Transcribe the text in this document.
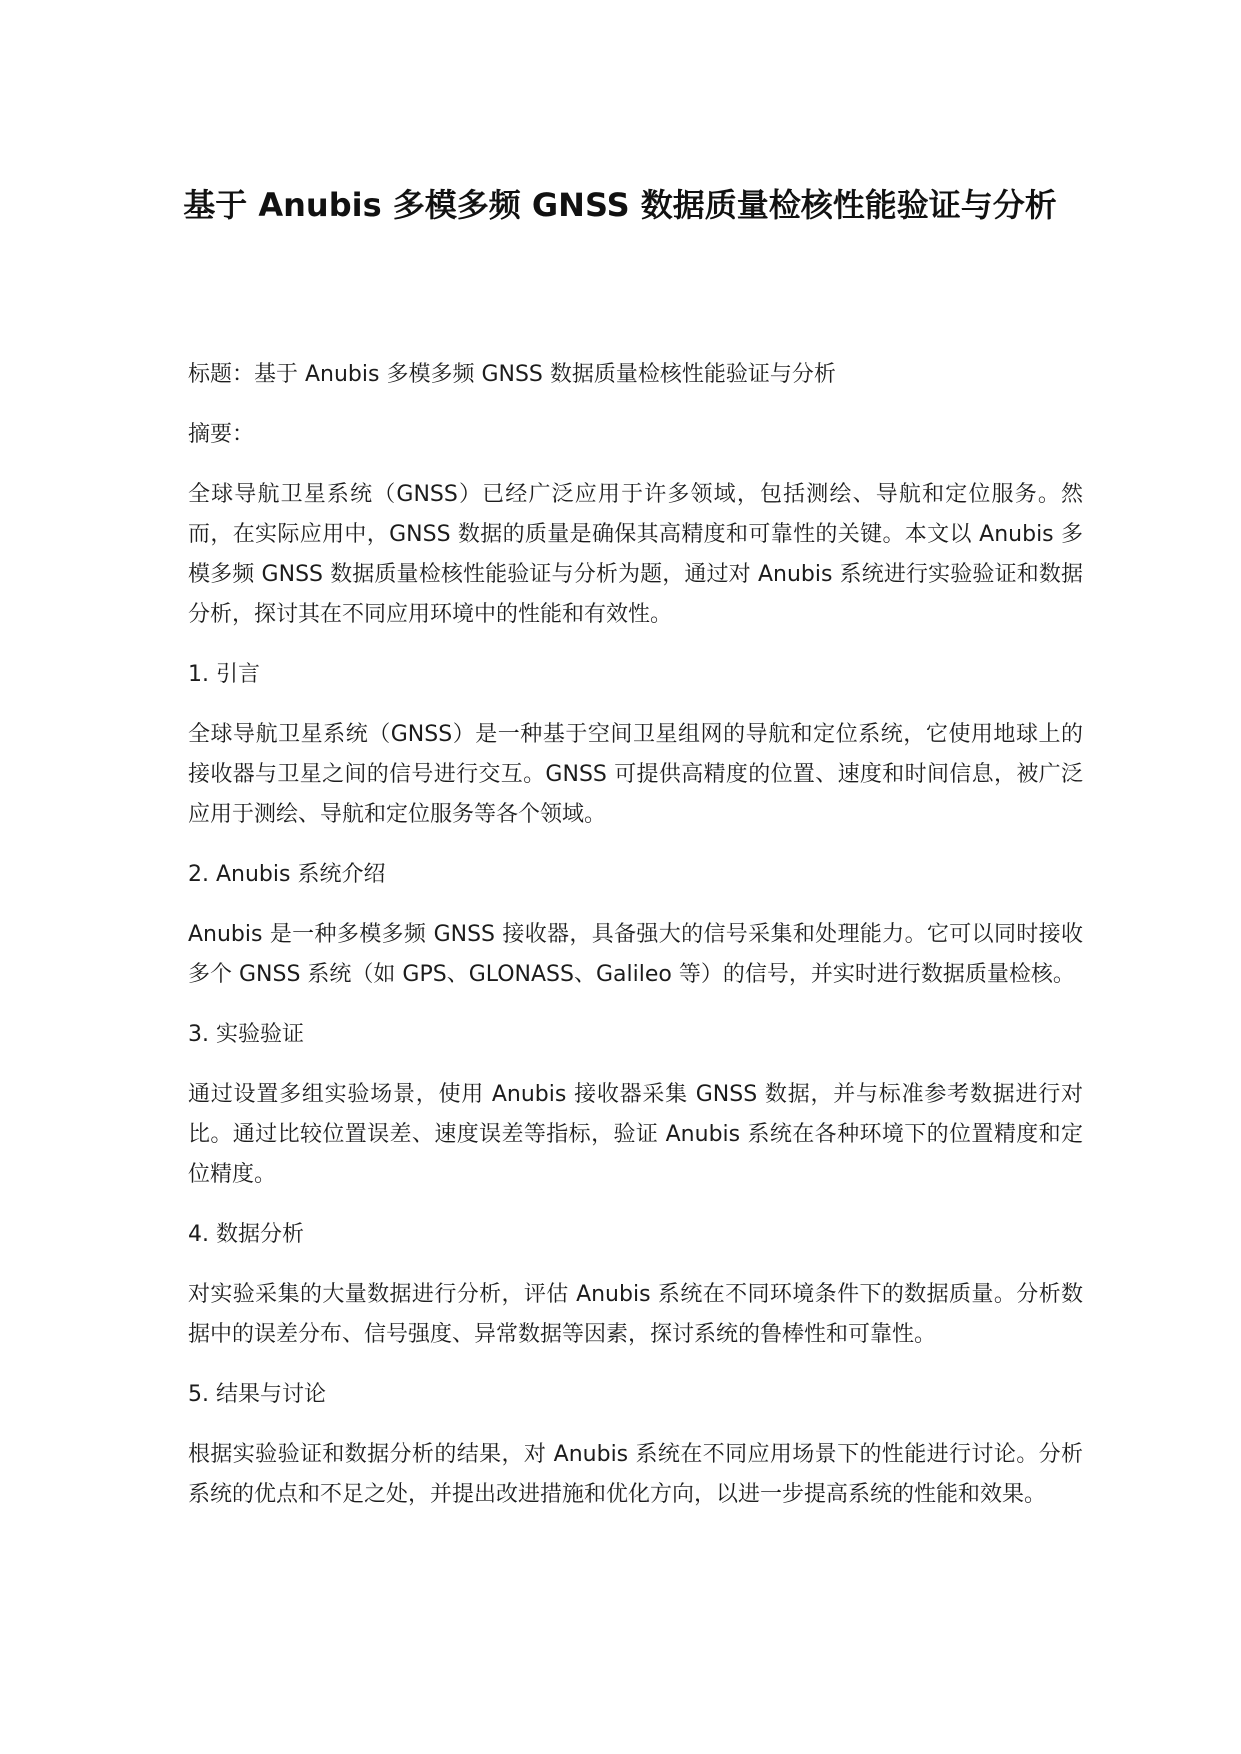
基于 Anubis 多模多频 GNSS 数据质量检核性能验证与分析

标题：基于 Anubis 多模多频 GNSS 数据质量检核性能验证与分析

摘要：

全球导航卫星系统（GNSS）已经广泛应用于许多领域，包括测绘、导航和定位服务。然而，在实际应用中，GNSS 数据的质量是确保其高精度和可靠性的关键。本文以 Anubis 多模多频 GNSS 数据质量检核性能验证与分析为题，通过对 Anubis 系统进行实验验证和数据分析，探讨其在不同应用环境中的性能和有效性。

1. 引言

全球导航卫星系统（GNSS）是一种基于空间卫星组网的导航和定位系统，它使用地球上的接收器与卫星之间的信号进行交互。GNSS 可提供高精度的位置、速度和时间信息，被广泛应用于测绘、导航和定位服务等各个领域。

2. Anubis 系统介绍

Anubis 是一种多模多频 GNSS 接收器，具备强大的信号采集和处理能力。它可以同时接收多个 GNSS 系统（如 GPS、GLONASS、Galileo 等）的信号，并实时进行数据质量检核。

3. 实验验证

通过设置多组实验场景，使用 Anubis 接收器采集 GNSS 数据，并与标准参考数据进行对比。通过比较位置误差、速度误差等指标，验证 Anubis 系统在各种环境下的位置精度和定位精度。

4. 数据分析

对实验采集的大量数据进行分析，评估 Anubis 系统在不同环境条件下的数据质量。分析数据中的误差分布、信号强度、异常数据等因素，探讨系统的鲁棒性和可靠性。

5. 结果与讨论

根据实验验证和数据分析的结果，对 Anubis 系统在不同应用场景下的性能进行讨论。分析系统的优点和不足之处，并提出改进措施和优化方向，以进一步提高系统的性能和效果。
